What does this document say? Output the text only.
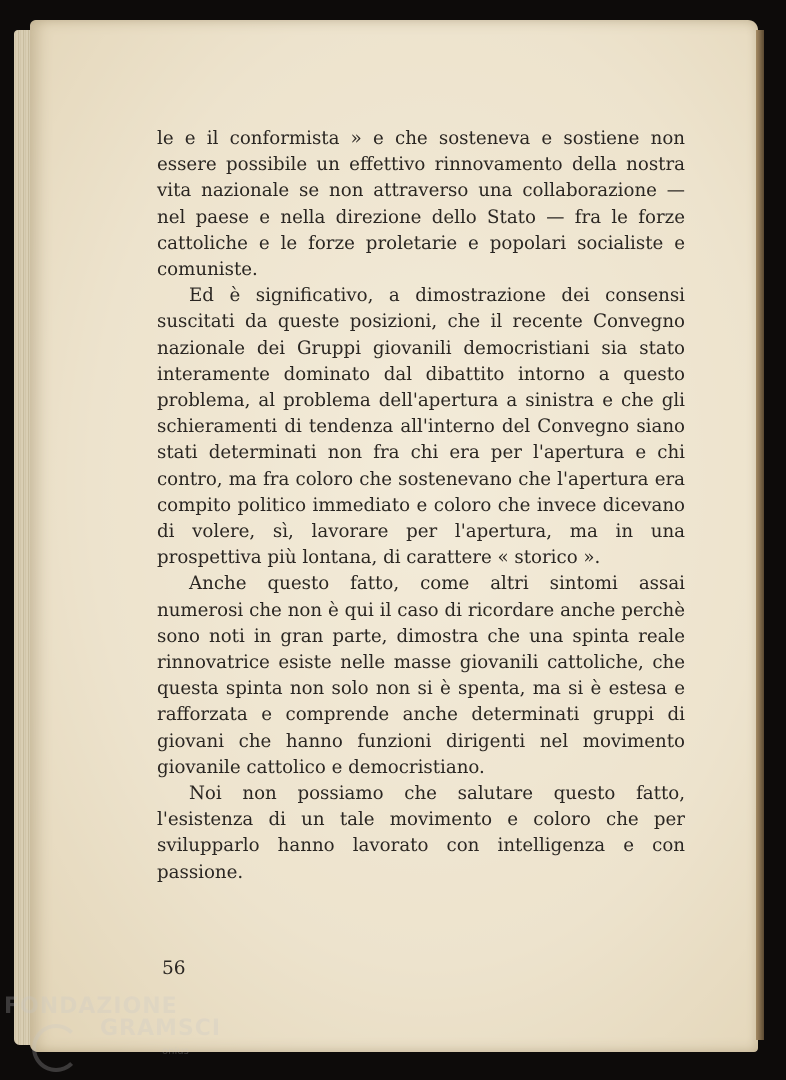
le e il conformista » e che sosteneva e sostiene non essere possibile un effettivo rinnovamento della nostra vita nazionale se non attraverso una collaborazione — nel paese e nella direzione dello Stato — fra le forze cattoliche e le forze proletarie e popolari socialiste e comuniste.

Ed è significativo, a dimostrazione dei consensi suscitati da queste posizioni, che il recente Convegno nazionale dei Gruppi giovanili democristiani sia stato interamente dominato dal dibattito intorno a questo problema, al problema dell'apertura a sinistra e che gli schieramenti di tendenza all'interno del Convegno siano stati determinati non fra chi era per l'apertura e chi contro, ma fra coloro che sostenevano che l'apertura era compito politico immediato e coloro che invece dicevano di volere, sì, lavorare per l'apertura, ma in una prospettiva più lontana, di carattere « storico ».

Anche questo fatto, come altri sintomi assai numerosi che non è qui il caso di ricordare anche perchè sono noti in gran parte, dimostra che una spinta reale rinnovatrice esiste nelle masse giovanili cattoliche, che questa spinta non solo non si è spenta, ma si è estesa e rafforzata e comprende anche determinati gruppi di giovani che hanno funzioni dirigenti nel movimento giovanile cattolico e democristiano.

Noi non possiamo che salutare questo fatto, l'esistenza di un tale movimento e coloro che per svilupparlo hanno lavorato con intelligenza e con passione.

56
FONDAZIONE
GRAMSCI
onlus
